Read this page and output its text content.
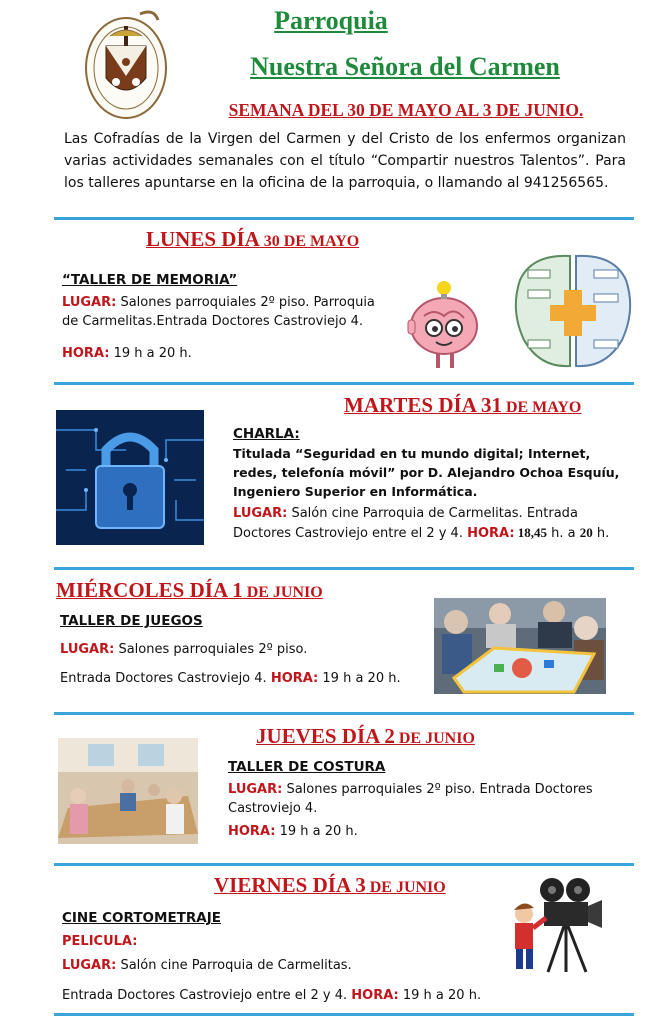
Parroquia
Nuestra Señora del Carmen
SEMANA DEL 30 DE MAYO AL 3 DE JUNIO.
Las Cofradías de la Virgen del Carmen y del Cristo de los enfermos organizan varias actividades semanales con el título “Compartir nuestros Talentos”. Para los talleres apuntarse en la oficina de la parroquia, o llamando al 941256565.
LUNES DÍA 30 DE MAYO
“TALLER DE MEMORIA”
LUGAR: Salones parroquiales 2º piso. Parroquia de Carmelitas.Entrada Doctores Castroviejo 4.
HORA: 19 h a 20 h.
MARTES DÍA 31 DE MAYO
CHARLA:
Titulada “Seguridad en tu mundo digital; Internet, redes, telefonía móvil” por D. Alejandro Ochoa Esquíu, Ingeniero Superior en Informática.
LUGAR: Salón cine Parroquia de Carmelitas. Entrada Doctores Castroviejo entre el 2 y 4. HORA: 18,45 h. a 20 h.
MIÉRCOLES DÍA 1 DE JUNIO
TALLER DE JUEGOS
LUGAR: Salones parroquiales 2º piso.
Entrada Doctores Castroviejo 4. HORA: 19 h a 20 h.
JUEVES DÍA 2 DE JUNIO
TALLER DE COSTURA
LUGAR: Salones parroquiales 2º piso. Entrada Doctores Castroviejo 4.
HORA: 19 h a 20 h.
VIERNES DÍA 3 DE JUNIO
CINE CORTOMETRAJE
PELICULA:
LUGAR: Salón cine Parroquia de Carmelitas.
Entrada Doctores Castroviejo entre el 2 y 4. HORA: 19 h a 20 h.
